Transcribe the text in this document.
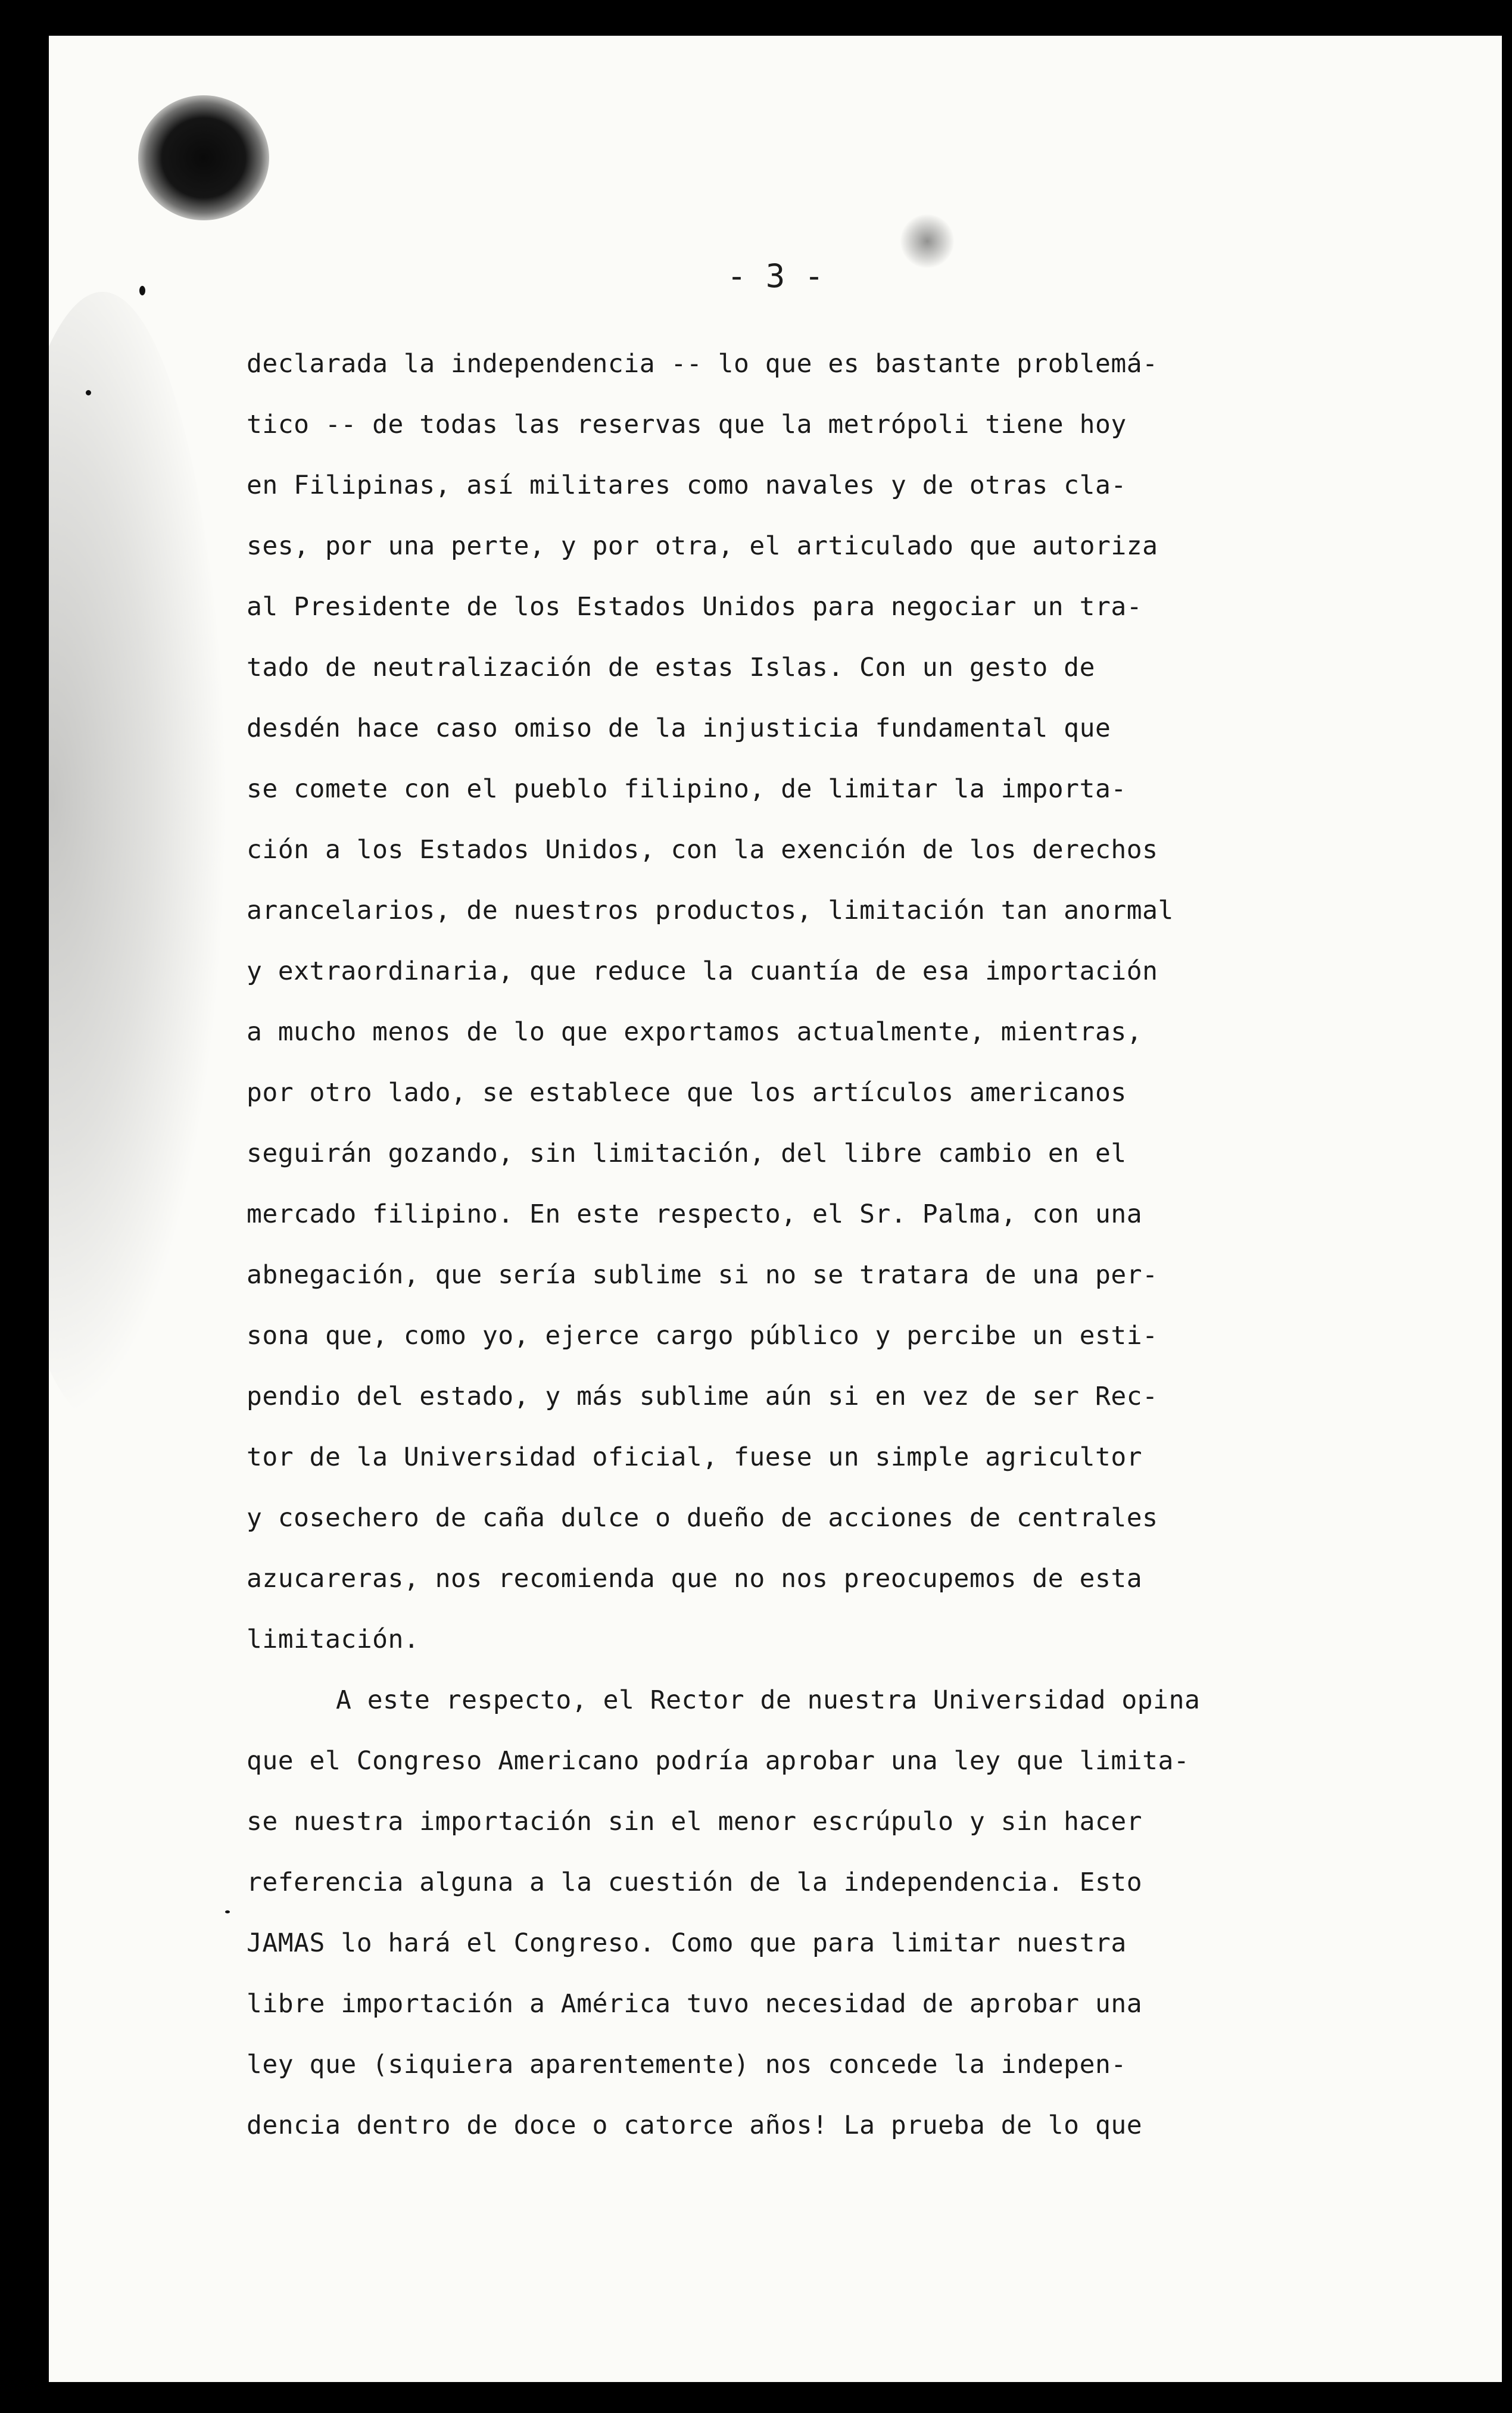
- 3 -
declarada la independencia -- lo que es bastante problemá-
tico -- de todas las reservas que la metrópoli tiene hoy
en Filipinas, así militares como navales y de otras cla-
ses, por una perte, y por otra, el articulado que autoriza
al Presidente de los Estados Unidos para negociar un tra-
tado de neutralización de estas Islas. Con un gesto de
desdén hace caso omiso de la injusticia fundamental que
se comete con el pueblo filipino, de limitar la importa-
ción a los Estados Unidos, con la exención de los derechos
arancelarios, de nuestros productos, limitación tan anormal
y extraordinaria, que reduce la cuantía de esa importación
a mucho menos de lo que exportamos actualmente, mientras,
por otro lado, se establece que los artículos americanos
seguirán gozando, sin limitación, del libre cambio en el
mercado filipino. En este respecto, el Sr. Palma, con una
abnegación, que sería sublime si no se tratara de una per-
sona que, como yo, ejerce cargo público y percibe un esti-
pendio del estado, y más sublime aún si en vez de ser Rec-
tor de la Universidad oficial, fuese un simple agricultor
y cosechero de caña dulce o dueño de acciones de centrales
azucareras, nos recomienda que no nos preocupemos de esta
limitación.
A este respecto, el Rector de nuestra Universidad opina
que el Congreso Americano podría aprobar una ley que limita-
se nuestra importación sin el menor escrúpulo y sin hacer
referencia alguna a la cuestión de la independencia. Esto
JAMAS lo hará el Congreso. Como que para limitar nuestra
libre importación a América tuvo necesidad de aprobar una
ley que (siquiera aparentemente) nos concede la indepen-
dencia dentro de doce o catorce años! La prueba de lo que
